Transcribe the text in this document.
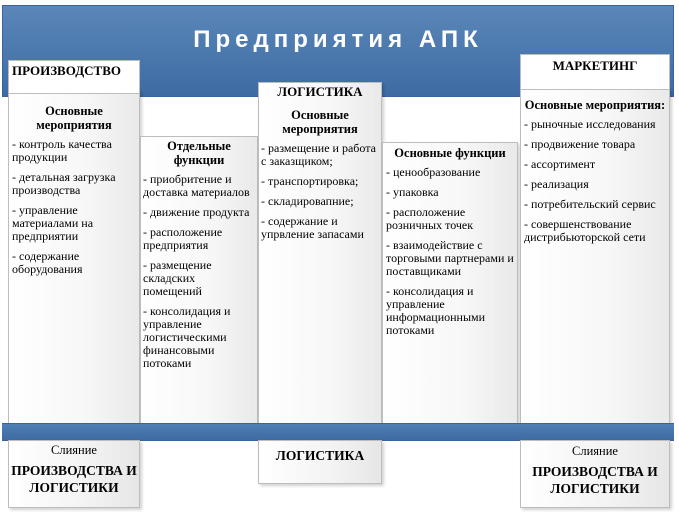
Предприятия АПК
ПРОИЗВОДСТВО
Основные мероприятия
- контроль качества продукции
- детальная загрузка производства
- управление материалами на предприятии
- содержание оборудования
Отдельные функции
- приобритение и доставка материалов
- движение продукта
- расположение предприятия
- размещение складских помещений
- консолидация и управление логистическими финансовыми потоками
ЛОГИСТИКА
Основные мероприятия
- размещение и работа с заказщиком;
- транспортировка;
- складировапние;
- содержание и упрвление запасами
Основные функции
- ценообразование
- упаковка
- расположение розничных точек
- взаимодействие с торговыми партнерами и поставщиками
- консолидация и управление информационными потоками
МАРКЕТИНГ
Основные мероприятия:
- рыночные исследования
- продвижение товара
- ассортимент
- реализация
- потребительский сервис
- совершенствование дистрибьюторской сети
Слияние
ПРОИЗВОДСТВА И ЛОГИСТИКИ
ЛОГИСТИКА	Слияние
ПРОИЗВОДСТВА И ЛОГИСТИКИ
